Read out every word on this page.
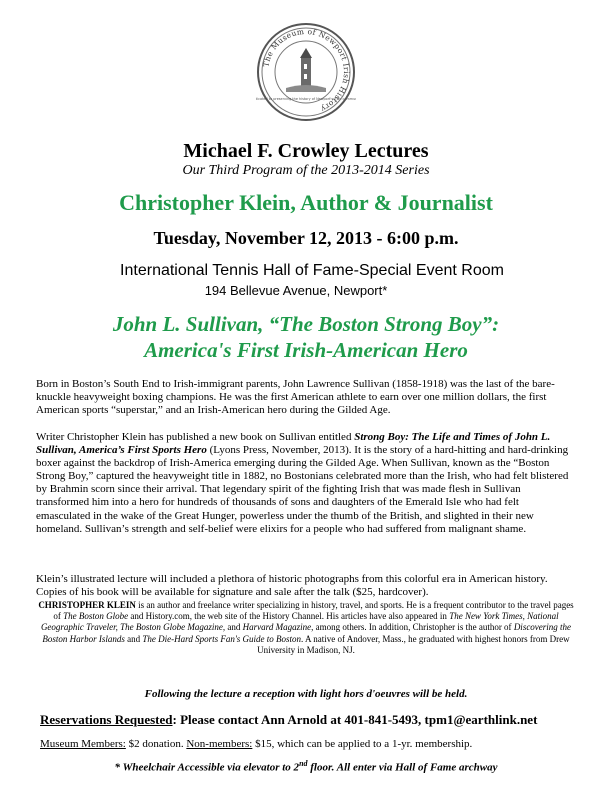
The Museum of Newport Irish History
dicated to preserving the history of Newport's Irish commu
Michael F. Crowley Lectures
Our Third Program of the 2013-2014 Series
Christopher Klein, Author & Journalist
Tuesday, November 12, 2013 - 6:00 p.m.
International Tennis Hall of Fame-Special Event Room
194 Bellevue Avenue, Newport*
John L. Sullivan, “The Boston Strong Boy”:
America's First Irish-American Hero
Born in Boston’s South End to Irish-immigrant parents, John Lawrence Sullivan (1858-1918) was the last of the bare-knuckle heavyweight boxing champions. He was the first American athlete to earn over one million dollars, the first American sports “superstar,” and an Irish-American hero during the Gilded Age.
Writer Christopher Klein has published a new book on Sullivan entitled Strong Boy: The Life and Times of John L. Sullivan, America’s First Sports Hero (Lyons Press, November, 2013). It is the story of a hard-hitting and hard-drinking boxer against the backdrop of Irish-America emerging during the Gilded Age. When Sullivan, known as the “Boston Strong Boy,” captured the heavyweight title in 1882, no Bostonians celebrated more than the Irish, who had felt blistered by Brahmin scorn since their arrival. That legendary spirit of the fighting Irish that was made flesh in Sullivan transformed him into a hero for hundreds of thousands of sons and daughters of the Emerald Isle who had felt emasculated in the wake of the Great Hunger, powerless under the thumb of the British, and slighted in their new homeland. Sullivan’s strength and self-belief were elixirs for a people who had suffered from malignant shame.
Klein’s illustrated lecture will included a plethora of historic photographs from this colorful era in American history. Copies of his book will be available for signature and sale after the talk ($25, hardcover).
CHRISTOPHER KLEIN is an author and freelance writer specializing in history, travel, and sports. He is a frequent contributor to the travel pages of The Boston Globe and History.com, the web site of the History Channel. His articles have also appeared in The New York Times, National Geographic Traveler, The Boston Globe Magazine, and Harvard Magazine, among others. In addition, Christopher is the author of Discovering the Boston Harbor Islands and The Die-Hard Sports Fan's Guide to Boston. A native of Andover, Mass., he graduated with highest honors from Drew University in Madison, NJ.
Following the lecture a reception with light hors d'oeuvres will be held.
Reservations Requested: Please contact Ann Arnold at 401-841-5493, tpm1@earthlink.net
Museum Members: $2 donation. Non-members: $15, which can be applied to a 1-yr. membership.
* Wheelchair Accessible via elevator to 2nd floor. All enter via Hall of Fame archway
